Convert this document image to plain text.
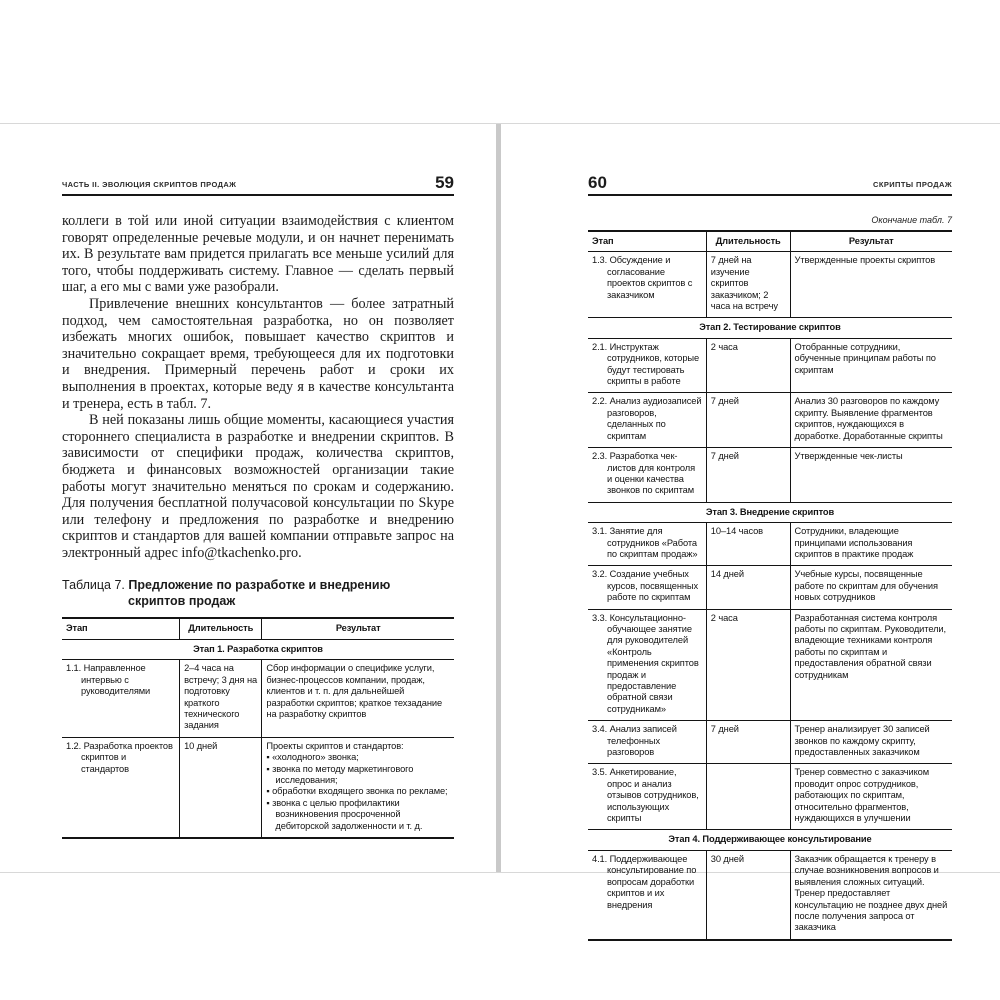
ЧАСТЬ II. ЭВОЛЮЦИЯ СКРИПТОВ ПРОДАЖ	59

коллеги в той или иной ситуации взаимодействия с клиентом говорят определенные речевые модули, и он начнет перенимать их. В результате вам придется прилагать все меньше усилий для того, чтобы поддерживать систему. Главное — сделать первый шаг, а его мы с вами уже разобрали.

Привлечение внешних консультантов — более затратный подход, чем самостоятельная разработка, но он позволяет избежать многих ошибок, повышает качество скриптов и значительно сокращает время, требующееся для их подготовки и внедрения. Примерный перечень работ и сроки их выполнения в проектах, которые веду я в качестве консультанта и тренера, есть в табл. 7.

В ней показаны лишь общие моменты, касающиеся участия стороннего специалиста в разработке и внедрении скриптов. В зависимости от специфики продаж, количества скриптов, бюджета и финансовых возможностей организации такие работы могут значительно меняться по срокам и содержанию. Для получения бесплатной получасовой консультации по Skype или телефону и предложения по разработке и внедрению скриптов и стандартов для вашей компании отправьте запрос на электронный адрес info@tkachenko.pro.

Таблица 7. Предложение по разработке и внедрению скриптов продаж
Этап	Длительность	Результат
Этап 1. Разработка скриптов		
1.1. Направленное интервью с руководителями	2–4 часа на встречу; 3 дня на подготовку краткого технического задания	Сбор информации о специфике услуги, бизнес-процессов компании, продаж, клиентов и т. п. для дальнейшей разработки скриптов; краткое техзадание на разработку скриптов

1.2. Разработка проектов скриптов и стандартов	10 дней	Проекты скриптов и стандартов:
▪ «холодного» звонка;
▪ звонка по методу маркетингового исследования;
▪ обработки входящего звонка по рекламе;
▪ звонка с целью профилактики возникновения просроченной дебиторской задолженности и т. д.
60	СКРИПТЫ ПРОДАЖ
Окончание табл. 7
Этап	Длительность	Результат
1.3. Обсуждение и согласование проектов скриптов с заказчиком	7 дней на изучение скриптов заказчиком; 2 часа на встречу	Утвержденные проекты скриптов

Этап 2. Тестирование скриптов		
2.1. Инструктаж сотрудников, которые будут тестировать скрипты в работе	2 часа	Отобранные сотрудники, обученные принципам работы по скриптам

2.2. Анализ аудиозаписей разговоров, сделанных по скриптам	7 дней	Анализ 30 разговоров по каждому скрипту. Выявление фрагментов скриптов, нуждающихся в доработке. Доработанные скрипты

2.3. Разработка чек-листов для контроля и оценки качества звонков по скриптам	7 дней	Утвержденные чек-листы

Этап 3. Внедрение скриптов		
3.1. Занятие для сотрудников «Работа по скриптам продаж»	10–14 часов	Сотрудники, владеющие принципами использования скриптов в практике продаж

3.2. Создание учебных курсов, посвященных работе по скриптам	14 дней	Учебные курсы, посвященные работе по скриптам для обучения новых сотрудников

3.3. Консультационно-обучающее занятие для руководителей «Контроль применения скриптов продаж и предоставление обратной связи сотрудникам»	2 часа	Разработанная система контроля работы по скриптам. Руководители, владеющие техниками контроля работы по скриптам и предоставления обратной связи сотрудникам

3.4. Анализ записей телефонных разговоров	7 дней	Тренер анализирует 30 записей звонков по каждому скрипту, предоставленных заказчиком

3.5. Анкетирование, опрос и анализ отзывов сотрудников, использующих скрипты		Тренер совместно с заказчиком проводит опрос сотрудников, работающих по скриптам, относительно фрагментов, нуждающихся в улучшении

Этап 4. Поддерживающее консультирование		
4.1. Поддерживающее консультирование по вопросам доработки скриптов и их внедрения	30 дней	Заказчик обращается к тренеру в случае возникновения вопросов и выявления сложных ситуаций. Тренер предоставляет консультацию не позднее двух дней после получения запроса от заказчика
